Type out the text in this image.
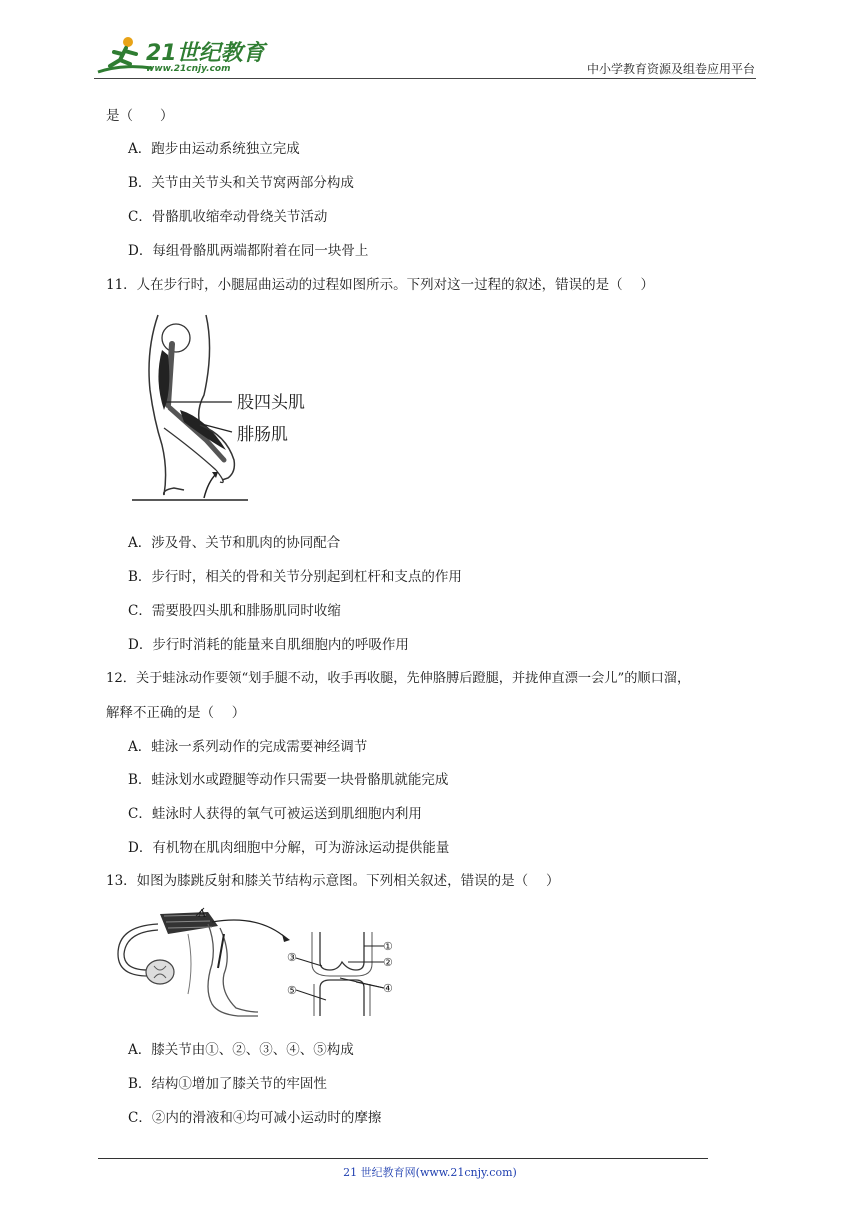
21世纪教育
www.21cnjy.com	中小学教育资源及组卷应用平台
是（　　）
A．跑步由运动系统独立完成
B．关节由关节头和关节窝两部分构成
C．骨骼肌收缩牵动骨绕关节活动
D．每组骨骼肌两端都附着在同一块骨上
11．人在步行时，小腿屈曲运动的过程如图所示。下列对这一过程的叙述，错误的是（　 ）
股四头肌
腓肠肌
A．涉及骨、关节和肌肉的协同配合
B．步行时，相关的骨和关节分别起到杠杆和支点的作用
C．需要股四头肌和腓肠肌同时收缩
D．步行时消耗的能量来自肌细胞内的呼吸作用
12．关于蛙泳动作要领“划手腿不动，收手再收腿，先伸胳膊后蹬腿，并拢伸直漂一会儿”的顺口溜，
解释不正确的是（　 ）
A．蛙泳一系列动作的完成需要神经调节
B．蛙泳划水或蹬腿等动作只需要一块骨骼肌就能完成
C．蛙泳时人获得的氧气可被运送到肌细胞内利用
D．有机物在肌肉细胞中分解，可为游泳运动提供能量
13．如图为膝跳反射和膝关节结构示意图。下列相关叙述，错误的是（　 ）
A
①
②
③
④
⑤
A．膝关节由①、②、③、④、⑤构成
B．结构①增加了膝关节的牢固性
C．②内的滑液和④均可减小运动时的摩擦
21 世纪教育网(www.21cnjy.com)
